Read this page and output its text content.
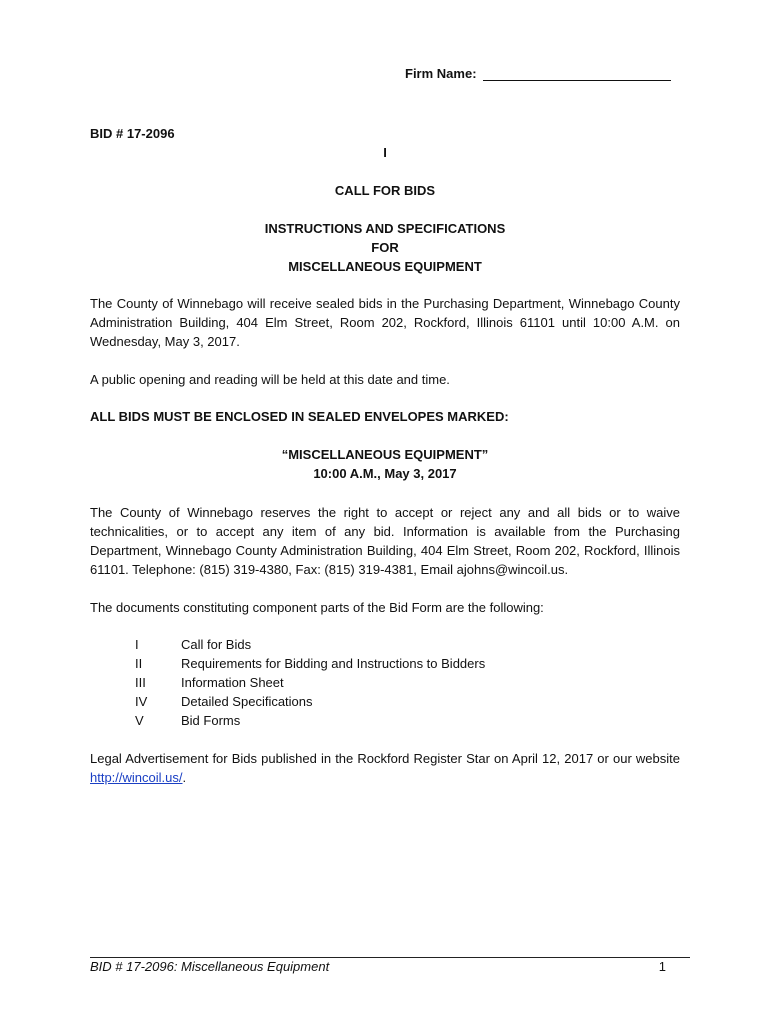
Firm Name:
BID # 17-2096
I
CALL FOR BIDS
INSTRUCTIONS AND SPECIFICATIONS
FOR
MISCELLANEOUS EQUIPMENT
The County of Winnebago will receive sealed bids in the Purchasing Department, Winnebago County Administration Building, 404 Elm Street, Room 202, Rockford, Illinois 61101 until 10:00 A.M. on Wednesday, May 3, 2017.
A public opening and reading will be held at this date and time.
ALL BIDS MUST BE ENCLOSED IN SEALED ENVELOPES MARKED:
“MISCELLANEOUS EQUIPMENT”
10:00 A.M., May 3, 2017
The County of Winnebago reserves the right to accept or reject any and all bids or to waive technicalities, or to accept any item of any bid. Information is available from the Purchasing Department, Winnebago County Administration Building, 404 Elm Street, Room 202, Rockford, Illinois 61101. Telephone: (815) 319-4380, Fax: (815) 319-4381, Email ajohns@wincoil.us.
The documents constituting component parts of the Bid Form are the following:
I	Call for Bids
II	Requirements for Bidding and Instructions to Bidders
III	Information Sheet
IV	Detailed Specifications
V	Bid Forms
Legal Advertisement for Bids published in the Rockford Register Star on April 12, 2017 or our website http://wincoil.us/.
BID # 17-2096: Miscellaneous Equipment	1
